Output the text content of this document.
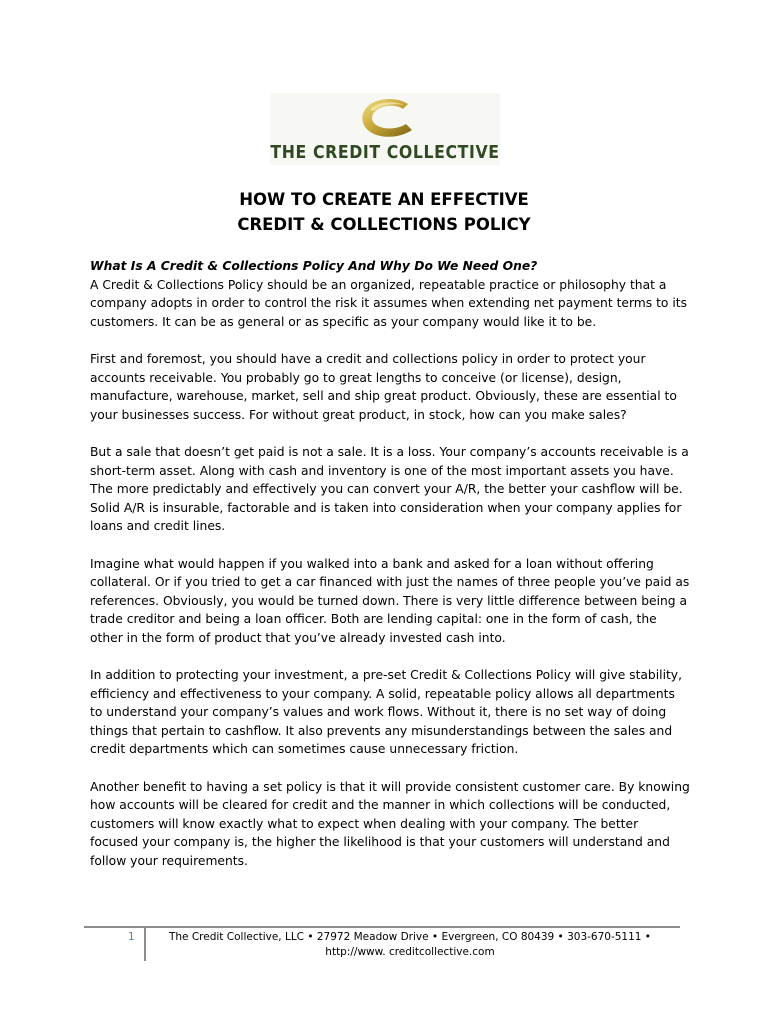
THE CREDIT COLLECTIVE
HOW TO CREATE AN EFFECTIVE
CREDIT & COLLECTIONS POLICY

What Is A Credit & Collections Policy And Why Do We Need One?
A Credit & Collections Policy should be an organized, repeatable practice or philosophy that a company adopts in order to control the risk it assumes when extending net payment terms to its customers. It can be as general or as specific as your company would like it to be.

First and foremost, you should have a credit and collections policy in order to protect your accounts receivable. You probably go to great lengths to conceive (or license), design, manufacture, warehouse, market, sell and ship great product. Obviously, these are essential to your businesses success. For without great product, in stock, how can you make sales?

But a sale that doesn’t get paid is not a sale. It is a loss. Your company’s accounts receivable is a short-term asset. Along with cash and inventory is one of the most important assets you have. The more predictably and effectively you can convert your A/R, the better your cashflow will be. Solid A/R is insurable, factorable and is taken into consideration when your company applies for loans and credit lines.

Imagine what would happen if you walked into a bank and asked for a loan without offering collateral. Or if you tried to get a car financed with just the names of three people you’ve paid as references. Obviously, you would be turned down. There is very little difference between being a trade creditor and being a loan officer. Both are lending capital: one in the form of cash, the other in the form of product that you’ve already invested cash into.

In addition to protecting your investment, a pre-set Credit & Collections Policy will give stability, efficiency and effectiveness to your company. A solid, repeatable policy allows all departments to understand your company’s values and work flows. Without it, there is no set way of doing things that pertain to cashflow. It also prevents any misunderstandings between the sales and credit departments which can sometimes cause unnecessary friction.

Another benefit to having a set policy is that it will provide consistent customer care. By knowing how accounts will be cleared for credit and the manner in which collections will be conducted, customers will know exactly what to expect when dealing with your company. The better focused your company is, the higher the likelihood is that your customers will understand and follow your requirements.

1	The Credit Collective, LLC • 27972 Meadow Drive • Evergreen, CO 80439 • 303-670-5111 •
http://www. creditcollective.com
